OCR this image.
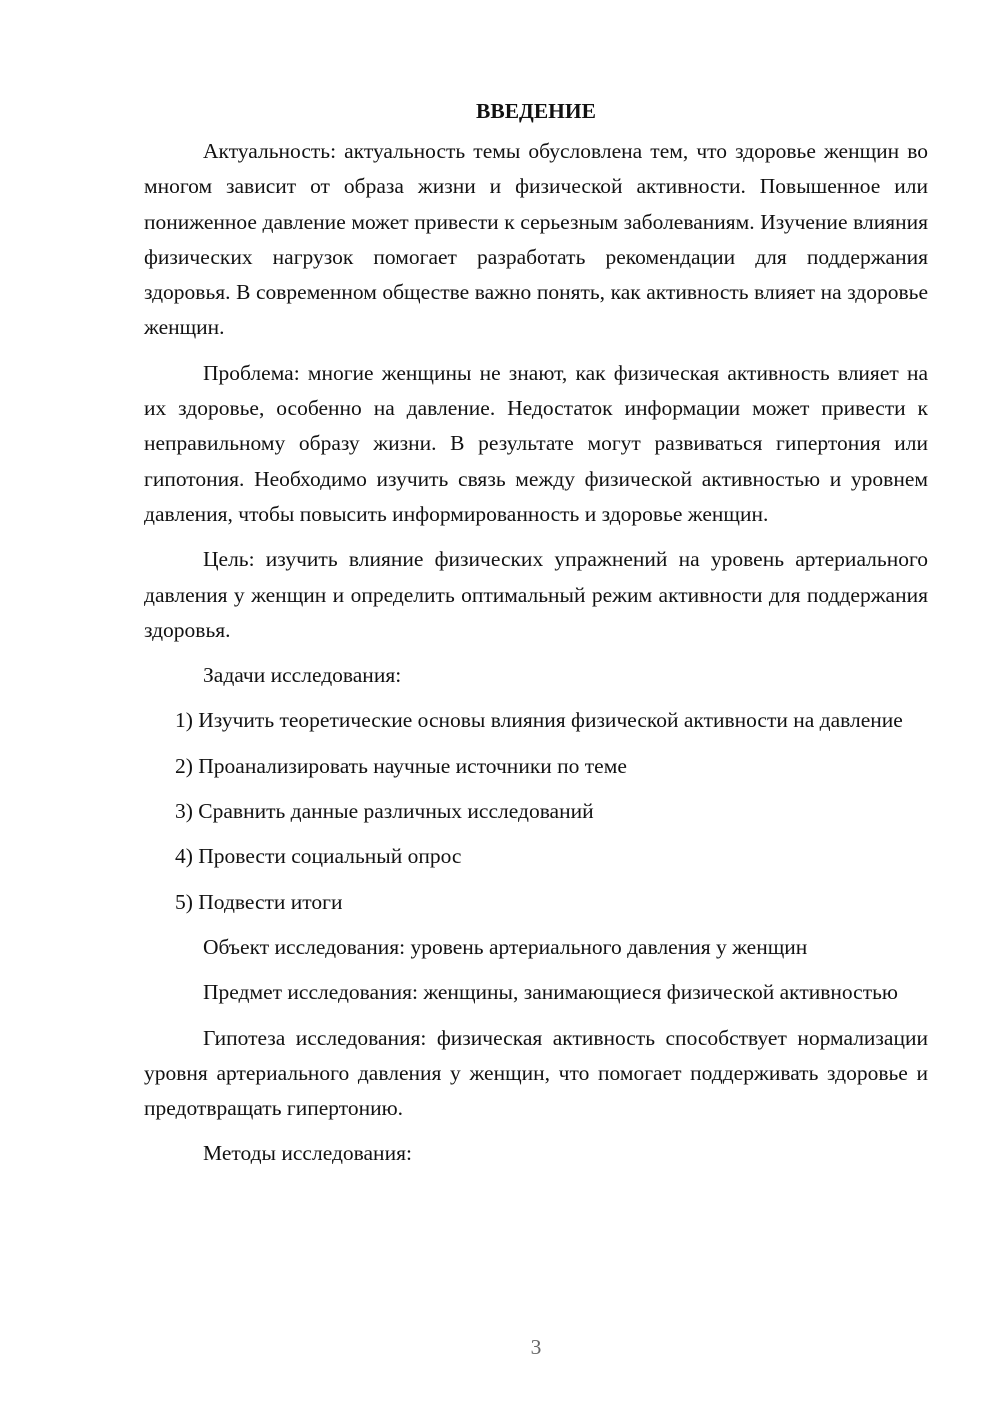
ВВЕДЕНИЕ

Актуальность: актуальность темы обусловлена тем, что здоровье женщин во многом зависит от образа жизни и физической активности. Повышенное или пониженное давление может привести к серьезным заболеваниям. Изучение влияния физических нагрузок помогает разработать рекомендации для поддержания здоровья. В современном обществе важно понять, как активность влияет на здоровье женщин.

Проблема: многие женщины не знают, как физическая активность влияет на их здоровье, особенно на давление. Недостаток информации может привести к неправильному образу жизни. В результате могут развиваться гипертония или гипотония. Необходимо изучить связь между физической активностью и уровнем давления, чтобы повысить информированность и здоровье женщин.

Цель: изучить влияние физических упражнений на уровень артериального давления у женщин и определить оптимальный режим активности для поддержания здоровья.

Задачи исследования:

1) Изучить теоретические основы влияния физической активности на давление

2) Проанализировать научные источники по теме

3) Сравнить данные различных исследований

4) Провести социальный опрос

5) Подвести итоги

Объект исследования: уровень артериального давления у женщин

Предмет исследования: женщины, занимающиеся физической активностью

Гипотеза исследования: физическая активность способствует нормализации уровня артериального давления у женщин, что помогает поддерживать здоровье и предотвращать гипертонию.

Методы исследования:

3
